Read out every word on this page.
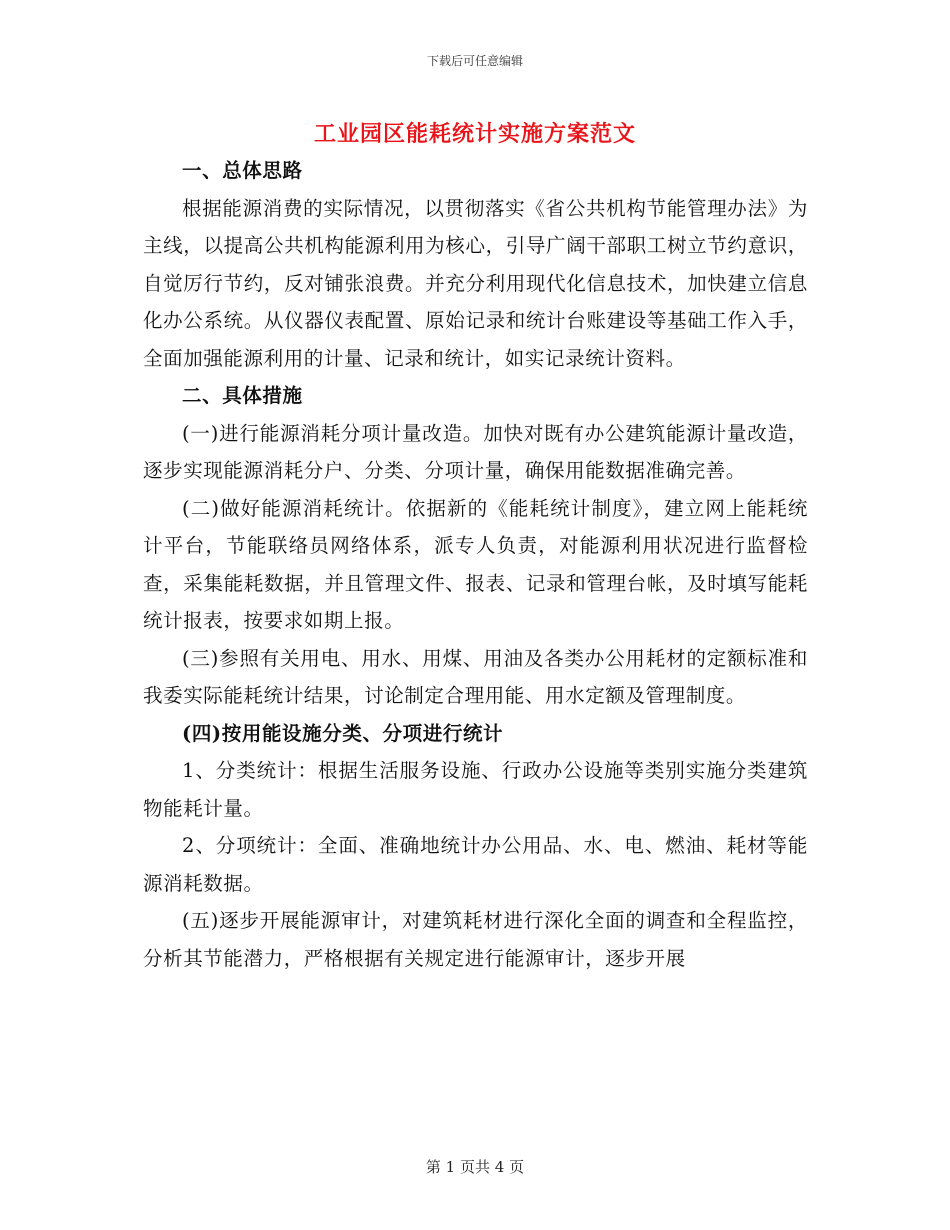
下载后可任意编辑
工业园区能耗统计实施方案范文

一、总体思路

根据能源消费的实际情况，以贯彻落实《省公共机构节能管理办法》为主线，以提高公共机构能源利用为核心，引导广阔干部职工树立节约意识，自觉厉行节约，反对铺张浪费。并充分利用现代化信息技术，加快建立信息化办公系统。从仪器仪表配置、原始记录和统计台账建设等基础工作入手，全面加强能源利用的计量、记录和统计，如实记录统计资料。

二、具体措施

(一)进行能源消耗分项计量改造。加快对既有办公建筑能源计量改造，逐步实现能源消耗分户、分类、分项计量，确保用能数据准确完善。

(二)做好能源消耗统计。依据新的《能耗统计制度》，建立网上能耗统计平台，节能联络员网络体系，派专人负责，对能源利用状况进行监督检查，采集能耗数据，并且管理文件、报表、记录和管理台帐，及时填写能耗统计报表，按要求如期上报。

(三)参照有关用电、用水、用煤、用油及各类办公用耗材的定额标准和我委实际能耗统计结果，讨论制定合理用能、用水定额及管理制度。

(四)按用能设施分类、分项进行统计

1、分类统计：根据生活服务设施、行政办公设施等类别实施分类建筑物能耗计量。

2、分项统计：全面、准确地统计办公用品、水、电、燃油、耗材等能源消耗数据。

(五)逐步开展能源审计，对建筑耗材进行深化全面的调查和全程监控，分析其节能潜力，严格根据有关规定进行能源审计，逐步开展

第 1 页共 4 页
